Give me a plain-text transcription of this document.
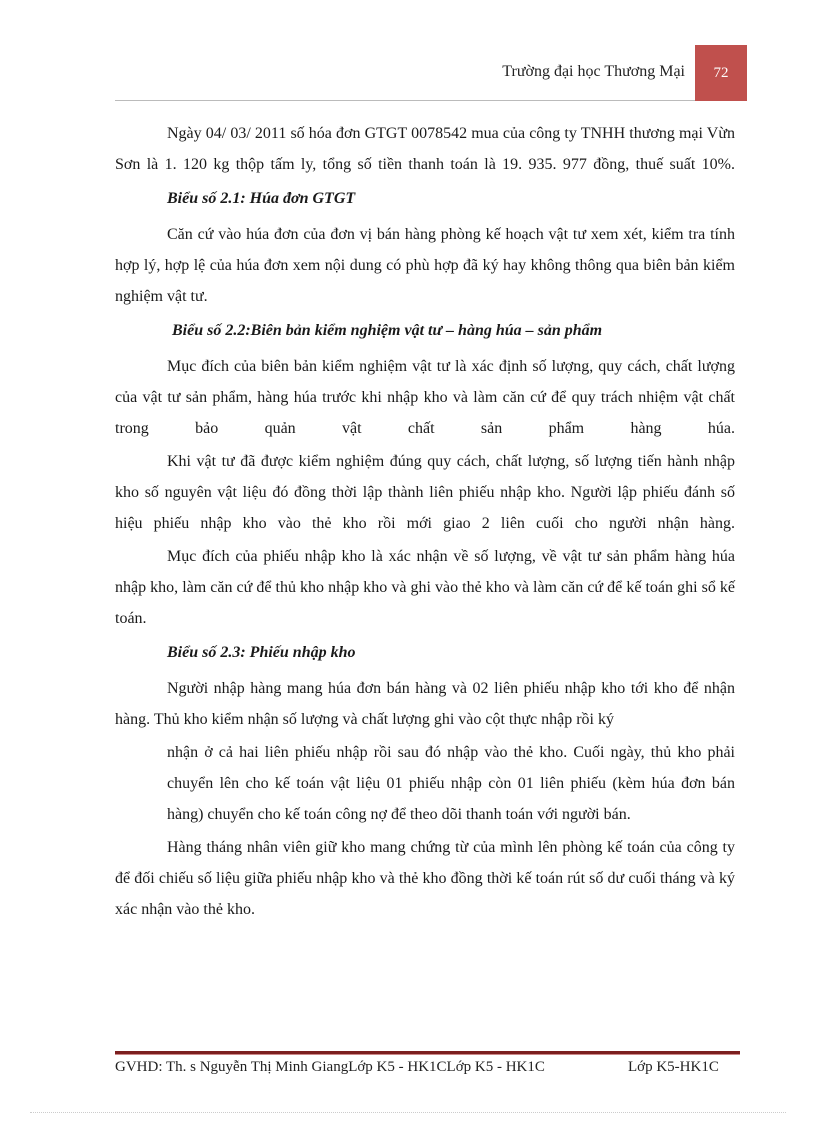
Trường đại học Thương Mại	72

Ngày 04/ 03/ 2011 số hóa đơn GTGT 0078542 mua của công ty TNHH thương mại Vừn Sơn là 1. 120 kg thộp tấm ly, tổng số tiền thanh toán là 19. 935. 977 đồng, thuế suất 10%.

Biểu số 2.1: Húa đơn GTGT

Căn cứ vào húa đơn của đơn vị bán hàng phòng kế hoạch vật tư xem xét, kiểm tra tính hợp lý, hợp lệ của húa đơn xem nội dung có phù hợp đã ký hay không thông qua biên bản kiểm nghiệm vật tư.

Biểu số 2.2:Biên bản kiểm nghiệm vật tư – hàng húa – sản phẩm

Mục đích của biên bản kiểm nghiệm vật tư là xác định số lượng, quy cách, chất lượng của vật tư sản phẩm, hàng húa trước khi nhập kho và làm căn cứ để quy trách nhiệm vật chất trong bảo quản vật chất sản phẩm hàng húa.

Khi vật tư đã được kiểm nghiệm đúng quy cách, chất lượng, số lượng tiến hành nhập kho số nguyên vật liệu đó đồng thời lập thành liên phiếu nhập kho. Người lập phiếu đánh số hiệu phiếu nhập kho vào thẻ kho rồi mới giao 2 liên cuối cho người nhận hàng.

Mục đích của phiếu nhập kho là xác nhận về số lượng, về vật tư sản phẩm hàng húa nhập kho, làm căn cứ để thủ kho nhập kho và ghi vào thẻ kho và làm căn cứ để kế toán ghi sổ kế toán.

Biểu số 2.3: Phiếu nhập kho

Người nhập hàng mang húa đơn bán hàng và 02 liên phiếu nhập kho tới kho để nhận hàng. Thủ kho kiểm nhận số lượng và chất lượng ghi vào cột thực nhập rồi ký

nhận ở cả hai liên phiếu nhập rồi sau đó nhập vào thẻ kho. Cuối ngày, thủ kho phải chuyển lên cho kế toán vật liệu 01 phiếu nhập còn 01 liên phiếu (kèm húa đơn bán hàng) chuyển cho kế toán công nợ để theo dõi thanh toán với người bán.

Hàng tháng nhân viên giữ kho mang chứng từ của mình lên phòng kế toán của công ty để đối chiếu số liệu giữa phiếu nhập kho và thẻ kho đồng thời kế toán rút số dư cuối tháng và ký xác nhận vào thẻ kho.

GVHD: Th. s Nguyễn Thị Minh GiangLớp K5 - HK1CLớp K5 - HK1C	Lớp K5-HK1C
